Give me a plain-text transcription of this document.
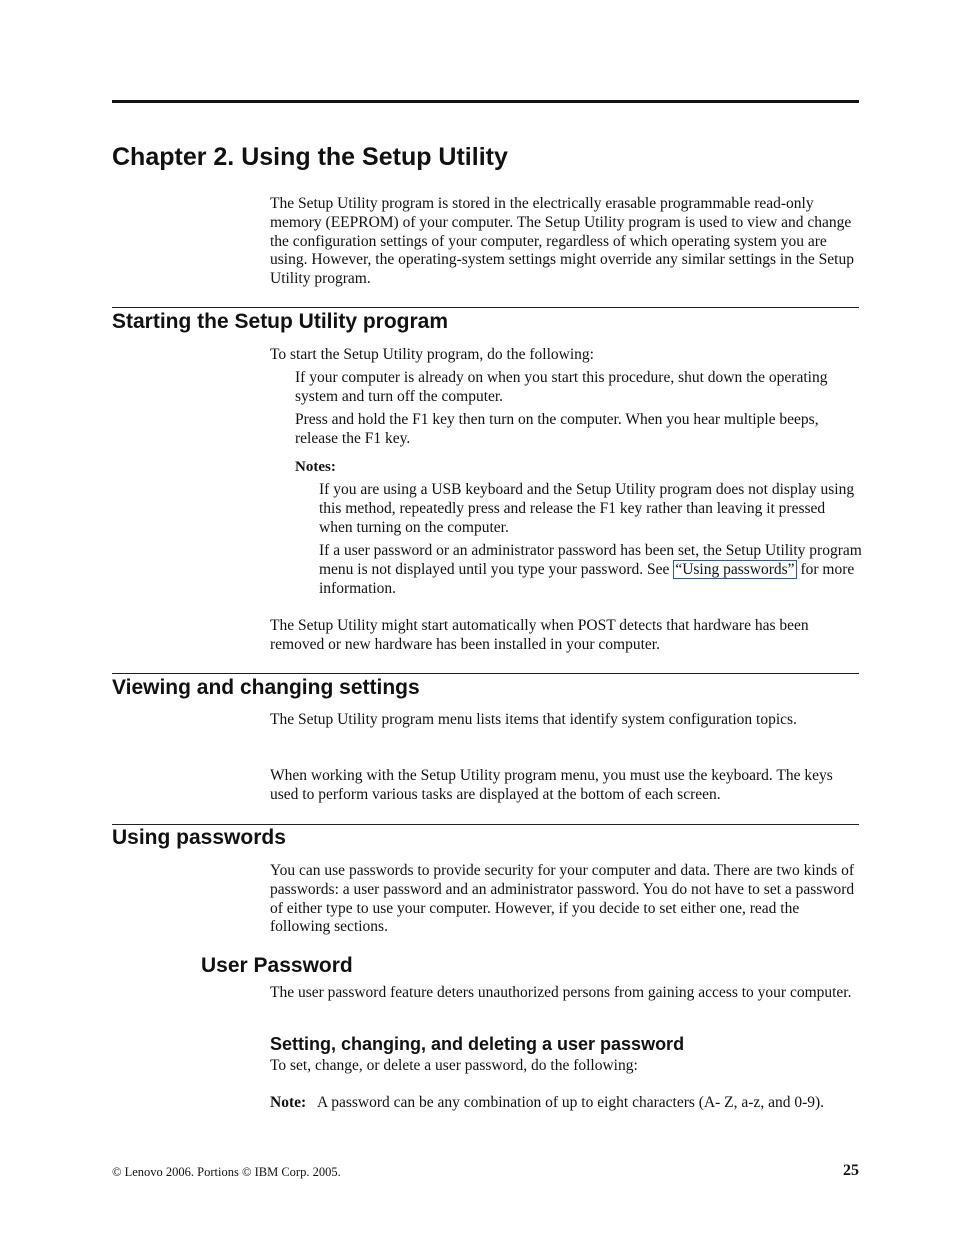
Chapter 2. Using the Setup Utility

The Setup Utility program is stored in the electrically erasable programmable read-only memory (EEPROM) of your computer. The Setup Utility program is used to view and change the configuration settings of your computer, regardless of which operating system you are using. However, the operating-system settings might override any similar settings in the Setup Utility program.

Starting the Setup Utility program

To start the Setup Utility program, do the following:

If your computer is already on when you start this procedure, shut down the operating system and turn off the computer.

Press and hold the F1 key then turn on the computer. When you hear multiple beeps, release the F1 key.

Notes:

If you are using a USB keyboard and the Setup Utility program does not display using this method, repeatedly press and release the F1 key rather than leaving it pressed when turning on the computer.

If a user password or an administrator password has been set, the Setup Utility program menu is not displayed until you type your password. See “Using passwords” for more information.

The Setup Utility might start automatically when POST detects that hardware has been removed or new hardware has been installed in your computer.

Viewing and changing settings

The Setup Utility program menu lists items that identify system configuration topics.

When working with the Setup Utility program menu, you must use the keyboard. The keys used to perform various tasks are displayed at the bottom of each screen.

Using passwords

You can use passwords to provide security for your computer and data. There are two kinds of passwords: a user password and an administrator password. You do not have to set a password of either type to use your computer. However, if you decide to set either one, read the following sections.

User Password

The user password feature deters unauthorized persons from gaining access to your computer.

Setting, changing, and deleting a user password

To set, change, or delete a user password, do the following:

Note: A password can be any combination of up to eight characters (A- Z, a-z, and 0-9).
© Lenovo 2006. Portions © IBM Corp. 2005.	25
